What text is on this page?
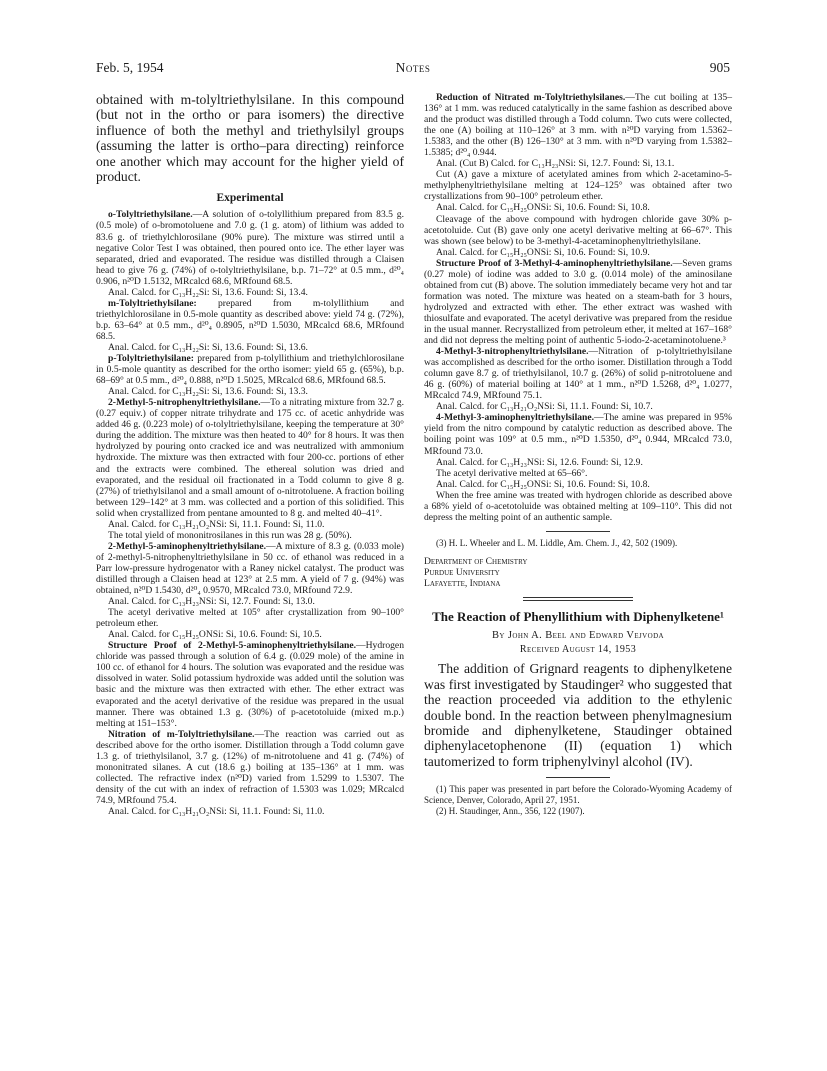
Feb. 5, 1954	Notes	905

obtained with m-tolyltriethylsilane. In this compound (but not in the ortho or para isomers) the directive influence of both the methyl and triethylsilyl groups (assuming the latter is ortho–para directing) reinforce one another which may account for the higher yield of product.

Experimental

o-Tolyltriethylsilane.—A solution of o-tolyllithium prepared from 83.5 g. (0.5 mole) of o-bromotoluene and 7.0 g. (1 g. atom) of lithium was added to 83.6 g. of triethylchlorosilane (90% pure). The mixture was stirred until a negative Color Test I was obtained, then poured onto ice. The ether layer was separated, dried and evaporated. The residue was distilled through a Claisen head to give 76 g. (74%) of o-tolyltriethylsilane, b.p. 71–72° at 0.5 mm., d²⁰₄ 0.906, n²⁰D 1.5132, MRcalcd 68.6, MRfound 68.5.

Anal. Calcd. for C₁₃H₂₂Si: Si, 13.6. Found: Si, 13.4.

m-Tolyltriethylsilane: prepared from m-tolyllithium and triethylchlorosilane in 0.5-mole quantity as described above: yield 74 g. (72%), b.p. 63–64° at 0.5 mm., d²⁰₄ 0.8905, n²⁰D 1.5030, MRcalcd 68.6, MRfound 68.5.

Anal. Calcd. for C₁₃H₂₂Si: Si, 13.6. Found: Si, 13.6.

p-Tolyltriethylsilane: prepared from p-tolyllithium and triethylchlorosilane in 0.5-mole quantity as described for the ortho isomer: yield 65 g. (65%), b.p. 68–69° at 0.5 mm., d²⁰₄ 0.888, n²⁰D 1.5025, MRcalcd 68.6, MRfound 68.5.

Anal. Calcd. for C₁₃H₂₂Si: Si, 13.6. Found: Si, 13.3.

2-Methyl-5-nitrophenyltriethylsilane.—To a nitrating mixture from 32.7 g. (0.27 equiv.) of copper nitrate trihydrate and 175 cc. of acetic anhydride was added 46 g. (0.223 mole) of o-tolyltriethylsilane, keeping the temperature at 30° during the addition. The mixture was then heated to 40° for 8 hours. It was then hydrolyzed by pouring onto cracked ice and was neutralized with ammonium hydroxide. The mixture was then extracted with four 200-cc. portions of ether and the extracts were combined. The ethereal solution was dried and evaporated, and the residual oil fractionated in a Todd column to give 8 g. (27%) of triethylsilanol and a small amount of o-nitrotoluene. A fraction boiling between 129–142° at 3 mm. was collected and a portion of this solidified. This solid when crystallized from pentane amounted to 8 g. and melted 40–41°.

Anal. Calcd. for C₁₃H₂₁O₂NSi: Si, 11.1. Found: Si, 11.0.

The total yield of mononitrosilanes in this run was 28 g. (50%).

2-Methyl-5-aminophenyltriethylsilane.—A mixture of 8.3 g. (0.033 mole) of 2-methyl-5-nitrophenyltriethylsilane in 50 cc. of ethanol was reduced in a Parr low-pressure hydrogenator with a Raney nickel catalyst. The product was distilled through a Claisen head at 123° at 2.5 mm. A yield of 7 g. (94%) was obtained, n²⁰D 1.5430, d²⁰₄ 0.9570, MRcalcd 73.0, MRfound 72.9.

Anal. Calcd. for C₁₃H₂₃NSi: Si, 12.7. Found: Si, 13.0.

The acetyl derivative melted at 105° after crystallization from 90–100° petroleum ether.

Anal. Calcd. for C₁₅H₂₅ONSi: Si, 10.6. Found: Si, 10.5.

Structure Proof of 2-Methyl-5-aminophenyltriethylsilane.—Hydrogen chloride was passed through a solution of 6.4 g. (0.029 mole) of the amine in 100 cc. of ethanol for 4 hours. The solution was evaporated and the residue was dissolved in water. Solid potassium hydroxide was added until the solution was basic and the mixture was then extracted with ether. The ether extract was evaporated and the acetyl derivative of the residue was prepared in the usual manner. There was obtained 1.3 g. (30%) of p-acetotoluide (mixed m.p.) melting at 151–153°.

Nitration of m-Tolyltriethylsilane.—The reaction was carried out as described above for the ortho isomer. Distillation through a Todd column gave 1.3 g. of triethylsilanol, 3.7 g. (12%) of m-nitrotoluene and 41 g. (74%) of mononitrated silanes. A cut (18.6 g.) boiling at 135–136° at 1 mm. was collected. The refractive index (n²⁰D) varied from 1.5299 to 1.5307. The density of the cut with an index of refraction of 1.5303 was 1.029; MRcalcd 74.9, MRfound 75.4.

Anal. Calcd. for C₁₃H₂₁O₂NSi: Si, 11.1. Found: Si, 11.0.

Reduction of Nitrated m-Tolyltriethylsilanes.—The cut boiling at 135–136° at 1 mm. was reduced catalytically in the same fashion as described above and the product was distilled through a Todd column. Two cuts were collected, the one (A) boiling at 110–126° at 3 mm. with n²⁰D varying from 1.5362–1.5383, and the other (B) 126–130° at 3 mm. with n²⁰D varying from 1.5382–1.5385; d²⁰₄ 0.944.

Anal. (Cut B) Calcd. for C₁₃H₂₃NSi: Si, 12.7. Found: Si, 13.1.

Cut (A) gave a mixture of acetylated amines from which 2-acetamino-5-methylphenyltriethylsilane melting at 124–125° was obtained after two crystallizations from 90–100° petroleum ether.

Anal. Calcd. for C₁₅H₂₅ONSi: Si, 10.6. Found: Si, 10.8.

Cleavage of the above compound with hydrogen chloride gave 30% p-acetotoluide. Cut (B) gave only one acetyl derivative melting at 66–67°. This was shown (see below) to be 3-methyl-4-acetaminophenyltriethylsilane.

Anal. Calcd. for C₁₅H₂₅ONSi: Si, 10.6. Found: Si, 10.9.

Structure Proof of 3-Methyl-4-aminophenyltriethylsilane.—Seven grams (0.27 mole) of iodine was added to 3.0 g. (0.014 mole) of the aminosilane obtained from cut (B) above. The solution immediately became very hot and tar formation was noted. The mixture was heated on a steam-bath for 3 hours, hydrolyzed and extracted with ether. The ether extract was washed with thiosulfate and evaporated. The acetyl derivative was prepared from the residue in the usual manner. Recrystallized from petroleum ether, it melted at 167–168° and did not depress the melting point of authentic 5-iodo-2-acetaminotoluene.³

4-Methyl-3-nitrophenyltriethylsilane.—Nitration of p-tolyltriethylsilane was accomplished as described for the ortho isomer. Distillation through a Todd column gave 8.7 g. of triethylsilanol, 10.7 g. (26%) of solid p-nitrotoluene and 46 g. (60%) of material boiling at 140° at 1 mm., n²⁰D 1.5268, d²⁰₄ 1.0277, MRcalcd 74.9, MRfound 75.1.

Anal. Calcd. for C₁₃H₂₁O₂NSi: Si, 11.1. Found: Si, 10.7.

4-Methyl-3-aminophenyltriethylsilane.—The amine was prepared in 95% yield from the nitro compound by catalytic reduction as described above. The boiling point was 109° at 0.5 mm., n²⁰D 1.5350, d²⁰₄ 0.944, MRcalcd 73.0, MRfound 73.0.

Anal. Calcd. for C₁₃H₂₃NSi: Si, 12.6. Found: Si, 12.9.

The acetyl derivative melted at 65–66°.

Anal. Calcd. for C₁₅H₂₅ONSi: Si, 10.6. Found: Si, 10.8.

When the free amine was treated with hydrogen chloride as described above a 68% yield of o-acetotoluide was obtained melting at 109–110°. This did not depress the melting point of an authentic sample.

(3) H. L. Wheeler and L. M. Liddle, Am. Chem. J., 42, 502 (1909).

Department of Chemistry

Purdue University

Lafayette, Indiana

The Reaction of Phenyllithium with Diphenylketene¹
By John A. Beel and Edward Vejvoda
Received August 14, 1953

The addition of Grignard reagents to diphenylketene was first investigated by Staudinger² who suggested that the reaction proceeded via addition to the ethylenic double bond. In the reaction between phenylmagnesium bromide and diphenylketene, Staudinger obtained diphenylacetophenone (II) (equation 1) which tautomerized to form triphenylvinyl alcohol (IV).

(1) This paper was presented in part before the Colorado-Wyoming Academy of Science, Denver, Colorado, April 27, 1951.

(2) H. Staudinger, Ann., 356, 122 (1907).
